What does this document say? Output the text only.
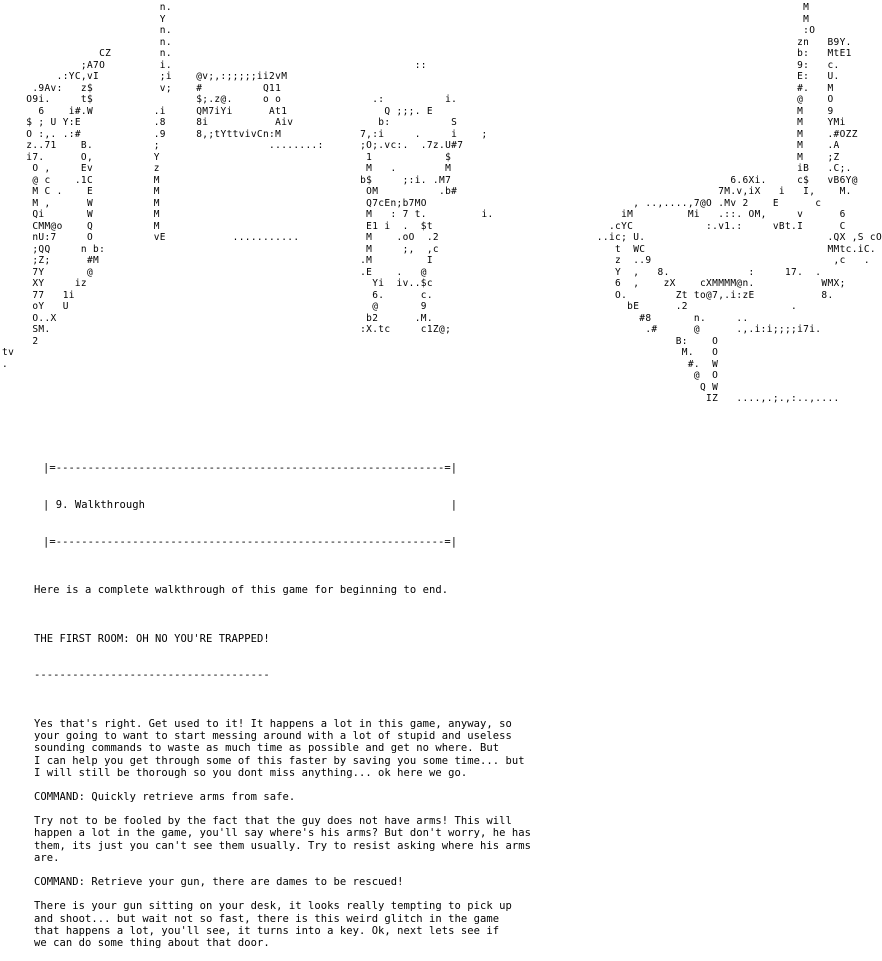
n.                                                                                                        M
Y                                                                                                         M
n.                                                                                                        :O
n.                                                                                                       zn   B9Y.
CZ        n.                                                                                                       b:   MtE1
;A7O         i.                                        ::                                                             9:   c.
.:YC,vI          ;i    @v;,:;;;;;ii2vM                                                                                    E:   U.
.9Av:   z$           v;    #          Q11                                                                                     #.   M
O9i.     t$                 $;.z@.     o o               .:          i.                                                        @    O
6    i#.W          .i     QM7iYi      At1                Q ;;;. E                                                            M    9
$ ; U Y:E            .8     8i           Aiv              b:          S                                                        M    YMi
O :,. .:#            .9     8,;tYttvivCn:M             7,:i     .     i    ;                                                   M    .#OZZ
z..71    B.          ;                  ........:      ;O;.vc:.  .7z.U#7                                                       M    .A
i7.      O,          Y                                  1            $                                                         M    ;Z
O ,     Ev          z                                  M   .        M                                                         iB   .C;.
@ c    .1C          M                                 b$     ;:i. .M7                                              6.6Xi.     c$   vB6Y@
M C .    E          M                                  OM          .b#                                           7M.v,iX   i   I,    M.
M ,      W          M                                  Q7cEn;b7MO                                  , ..,....,7@O .Mv 2    E      c
Qi       W          M                                  M   : 7 t.         i.                     iM         Mi   .::. OM,     v      6
CMM@o    Q          M                                  E1 i  .  $t                             .cYC            :.v1.:     vBt.I      C
nU:7     O          vE           ...........           M    .oO  .2                          ..ic; U.                              .QX ,S cO
;QQ     n b:                                           M     ;,  ,c                             t  WC                              MMtc.iC.
;Z;      #M                                           .M         I                              z  ..9                              ,c   .
7Y       @                                            .E    .   @                               Y  ,   8.             :     17.  .
XY     iz                                               Yi  iv..$c                              6  ,    zX    cXMMMM@n.           WMX;
77   1i                                                 6.      c.                              O.        Zt to@7,.i:zE           8.
oY   U                                                  @       9                                 bE      .2                 .
O..X                                                   b2      .M.                                  #8       n.     ..
SM.                                                   :X.tc     c1Z@;                                .#      @      .,.i:i;;;;i7i.
2                                                                                                         B:    O
tv                                                                                                              M.   O
.                                                                                                                #.  W
@  O
Q W
IZ   ....,.;.,:..,....

|=-------------------------------------------------------------=|

| 9. Walkthrough                                                |

|=-------------------------------------------------------------=|

Here is a complete walkthrough of this game for beginning to end.

THE FIRST ROOM: OH NO YOU'RE TRAPPED!

-------------------------------------

Yes that's right. Get used to it! It happens a lot in this game, anyway, so
your going to want to start messing around with a lot of stupid and useless
sounding commands to waste as much time as possible and get no where. But
I can help you get through some of this faster by saving you some time... but
I will still be thorough so you dont miss anything... ok here we go.
COMMAND: Quickly retrieve arms from safe.
Try not to be fooled by the fact that the guy does not have arms! This will
happen a lot in the game, you'll say where's his arms? But don't worry, he has
them, its just you can't see them usually. Try to resist asking where his arms
are.
COMMAND: Retrieve your gun, there are dames to be rescued!
There is your gun sitting on your desk, it looks really tempting to pick up
and shoot... but wait not so fast, there is this weird glitch in the game
that happens a lot, you'll see, it turns into a key. Ok, next lets see if
we can do some thing about that door.
